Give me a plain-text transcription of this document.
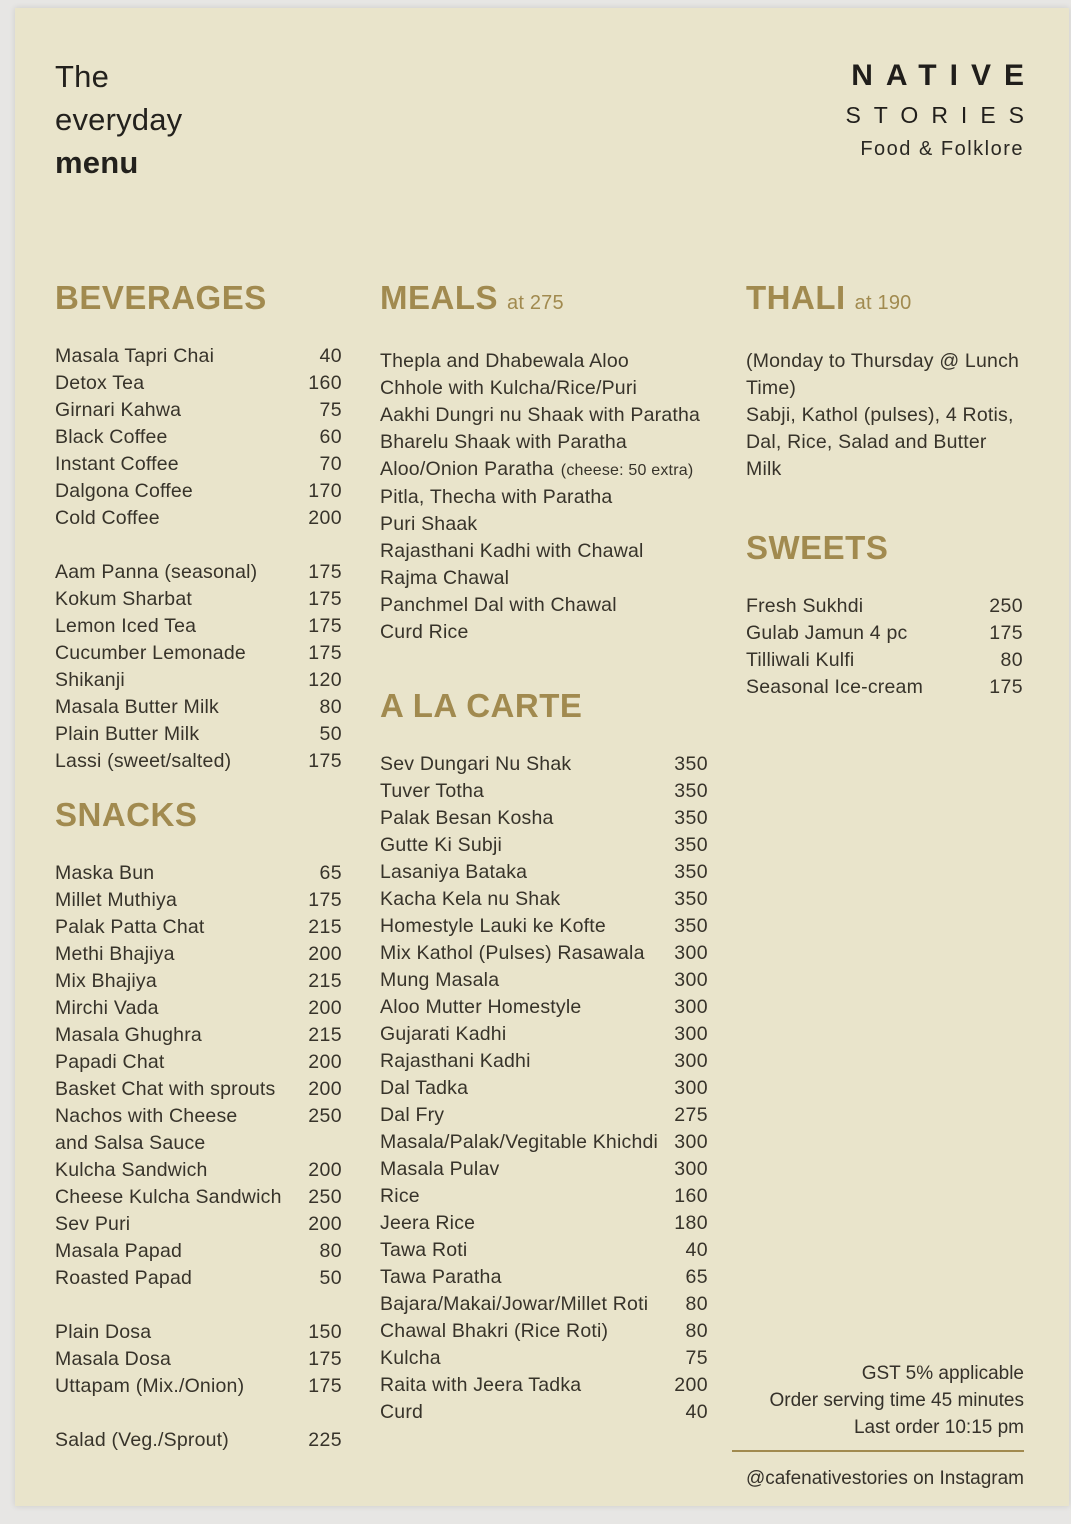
The
everyday
menu
NATIVE
STORIES
Food & Folklore
BEVERAGES
Masala Tapri Chai	40
Detox Tea	160
Girnari Kahwa	75
Black Coffee	60
Instant Coffee	70
Dalgona Coffee	170
Cold Coffee	200
Aam Panna (seasonal)	175
Kokum Sharbat	175
Lemon Iced Tea	175
Cucumber Lemonade	175
Shikanji	120
Masala Butter Milk	80
Plain Butter Milk	50
Lassi (sweet/salted)	175
SNACKS
Maska Bun	65
Millet Muthiya	175
Palak Patta Chat	215
Methi Bhajiya	200
Mix Bhajiya	215
Mirchi Vada	200
Masala Ghughra	215
Papadi Chat	200
Basket Chat with sprouts 200
Nachos with Cheese	250
and Salsa Sauce
Kulcha Sandwich	200
Cheese Kulcha Sandwich 250
Sev Puri	200
Masala Papad	80
Roasted Papad	50
Plain Dosa	150
Masala Dosa	175
Uttapam (Mix./Onion)	175
Salad (Veg./Sprout)	225
MEALS at 275
Thepla and Dhabewala Aloo
Chhole with Kulcha/Rice/Puri
Aakhi Dungri nu Shaak with Paratha
Bharelu Shaak with Paratha
Aloo/Onion Paratha (cheese: 50 extra)
Pitla, Thecha with Paratha
Puri Shaak
Rajasthani Kadhi with Chawal
Rajma Chawal
Panchmel Dal with Chawal
Curd Rice
A LA CARTE
Sev Dungari Nu Shak	350
Tuver Totha	350
Palak Besan Kosha	350
Gutte Ki Subji	350
Lasaniya Bataka	350
Kacha Kela nu Shak	350
Homestyle Lauki ke Kofte	350
Mix Kathol (Pulses) Rasawala 300
Mung Masala	300
Aloo Mutter Homestyle	300
Gujarati Kadhi	300
Rajasthani Kadhi	300
Dal Tadka	300
Dal Fry	275
Masala/Palak/Vegitable Khichdi 300
Masala Pulav	300
Rice	160
Jeera Rice	180
Tawa Roti	40
Tawa Paratha	65
Bajara/Makai/Jowar/Millet Roti 80
Chawal Bhakri (Rice Roti)	80
Kulcha	75
Raita with Jeera Tadka	200
Curd	40
THALI at 190
(Monday to Thursday @ Lunch Time)
Sabji, Kathol (pulses), 4 Rotis,
Dal, Rice, Salad and Butter Milk
SWEETS
Fresh Sukhdi	250
Gulab Jamun 4 pc	175
Tilliwali Kulfi	80
Seasonal Ice-cream	175
GST 5% applicable
Order serving time 45 minutes
Last order 10:15 pm
@cafenativestories on Instagram
